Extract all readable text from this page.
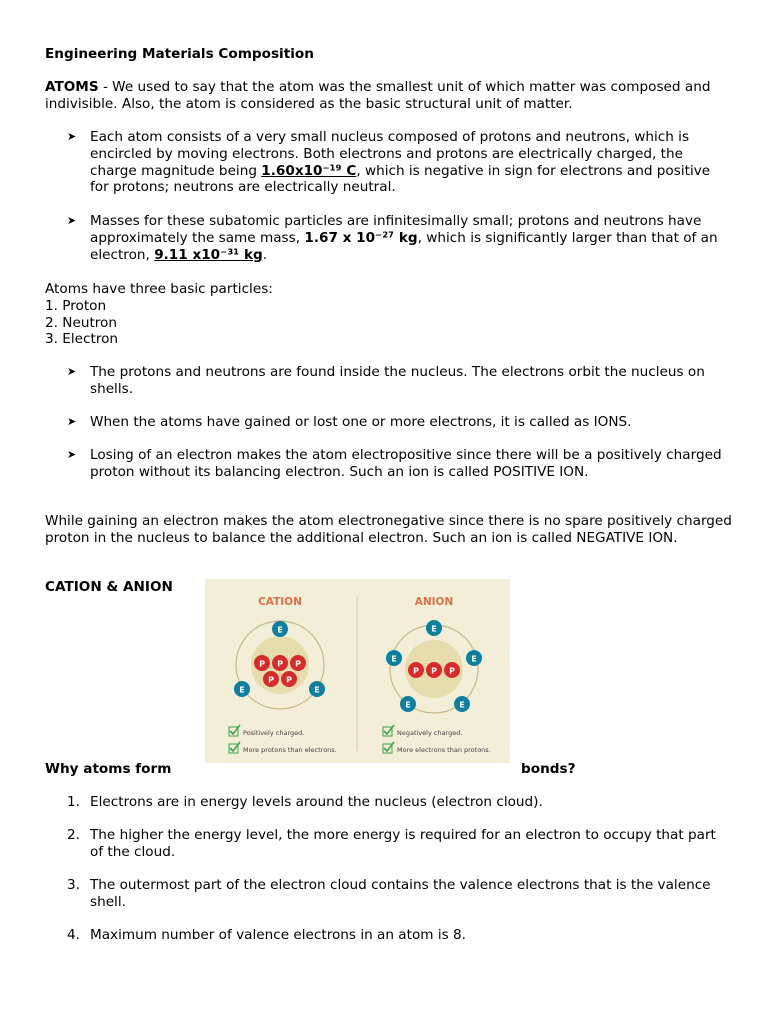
Engineering Materials Composition

ATOMS - We used to say that the atom was the smallest unit of which matter was composed and indivisible. Also, the atom is considered as the basic structural unit of matter.

➤ Each atom consists of a very small nucleus composed of protons and neutrons, which is encircled by moving electrons. Both electrons and protons are electrically charged, the charge magnitude being 1.60x10⁻¹⁹ C, which is negative in sign for electrons and positive for protons; neutrons are electrically neutral.
➤ Masses for these subatomic particles are infinitesimally small; protons and neutrons have approximately the same mass, 1.67 x 10⁻²⁷ kg, which is significantly larger than that of an electron, 9.11 x10⁻³¹ kg.
Atoms have three basic particles:
1. Proton
2. Neutron
3. Electron
➤ The protons and neutrons are found inside the nucleus. The electrons orbit the nucleus on shells.
➤ When the atoms have gained or lost one or more electrons, it is called as IONS.
➤ Losing of an electron makes the atom electropositive since there will be a positively charged proton without its balancing electron. Such an ion is called POSITIVE ION.

While gaining an electron makes the atom electronegative since there is no spare positively charged proton in the nucleus to balance the additional electron. Such an ion is called NEGATIVE ION.

CATION & ANION
CATION	ANION
P P P
P P
E
E	E
P P P
E
E	E
E	E
Positively charged.
More protons than electrons.
Negatively charged.
More electrons than protons.
Why atoms form	bonds?
1. Electrons are in energy levels around the nucleus (electron cloud).
2. The higher the energy level, the more energy is required for an electron to occupy that part of the cloud.
3. The outermost part of the electron cloud contains the valence electrons that is the valence shell.
4. Maximum number of valence electrons in an atom is 8.
